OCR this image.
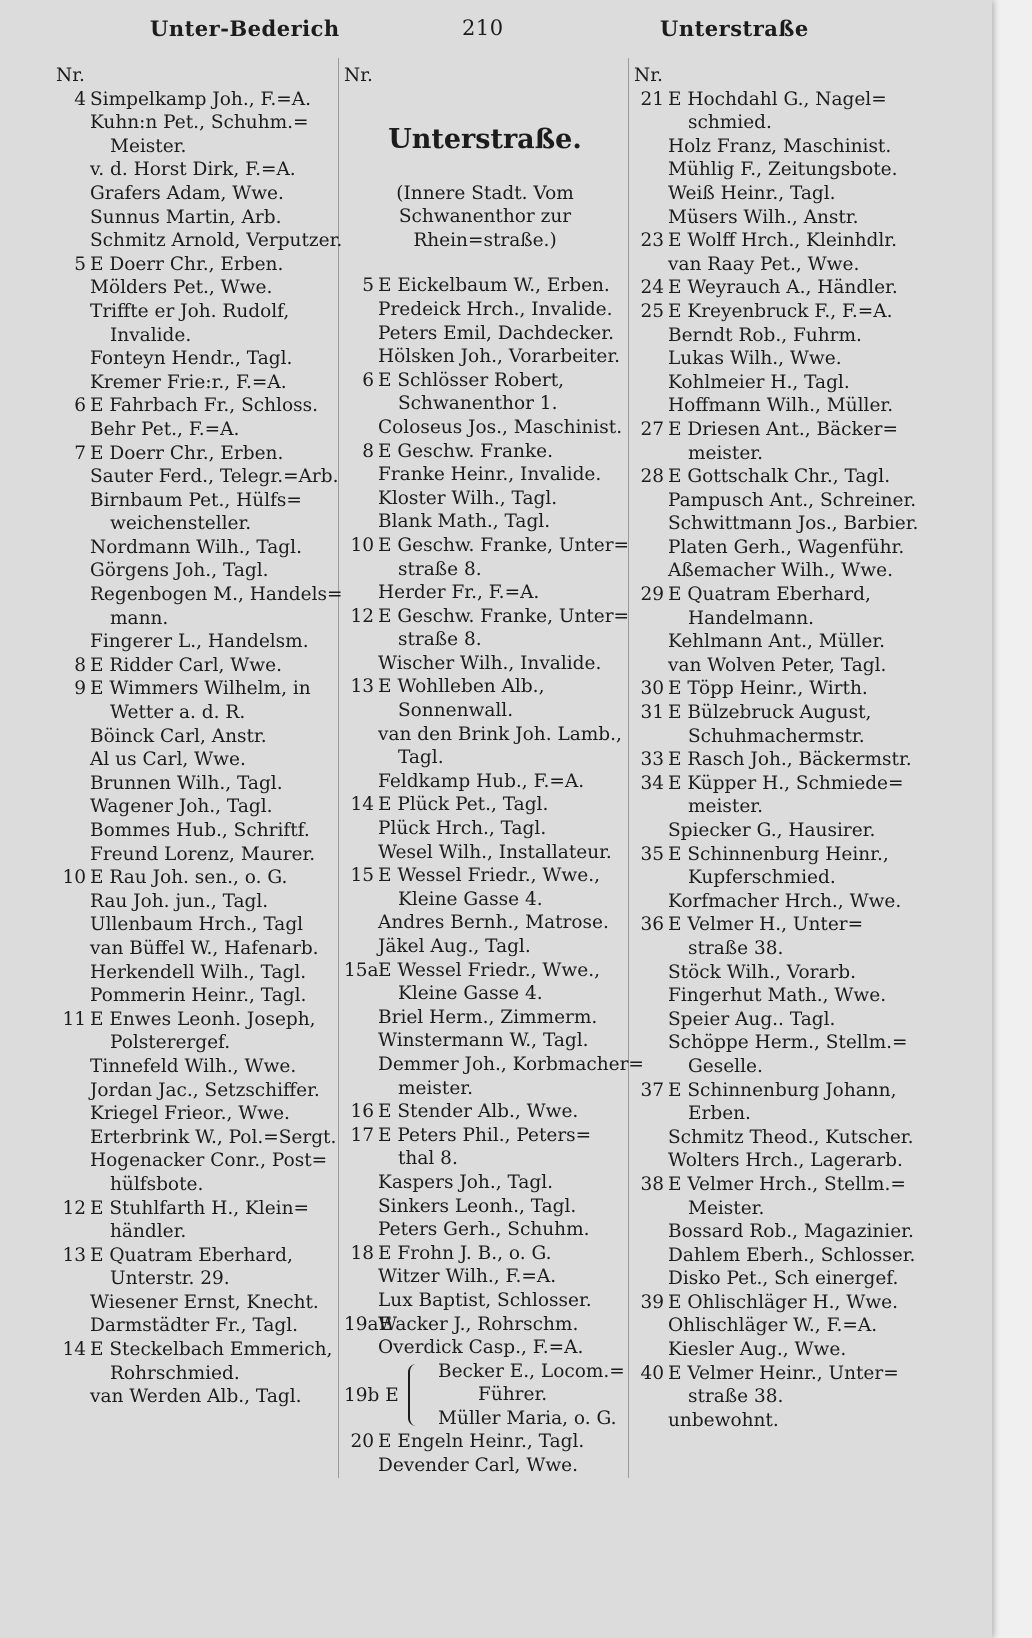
Unter-Bederich	210	Unterstraße
Nr.
4 Simpelkamp Joh., F.=A.
Kuhn:n Pet., Schuhm.=
Meister.
v. d. Horst Dirk, F.=A.
Grafers Adam, Wwe.
Sunnus Martin, Arb.
Schmitz Arnold, Verputzer.
5 E Doerr Chr., Erben.
Mölders Pet., Wwe.
Triffte er Joh. Rudolf,
Invalide.
Fonteyn Hendr., Tagl.
Kremer Frie:r., F.=A.
6 E Fahrbach Fr., Schloss.
Behr Pet., F.=A.
7 E Doerr Chr., Erben.
Sauter Ferd., Telegr.=Arb.
Birnbaum Pet., Hülfs=
weichensteller.
Nordmann Wilh., Tagl.
Görgens Joh., Tagl.
Regenbogen M., Handels=
mann.
Fingerer L., Handelsm.
8 E Ridder Carl, Wwe.
9 E Wimmers Wilhelm, in
Wetter a. d. R.
Böinck Carl, Anstr.
Al us Carl, Wwe.
Brunnen Wilh., Tagl.
Wagener Joh., Tagl.
Bommes Hub., Schriftf.
Freund Lorenz, Maurer.
10 E Rau Joh. sen., o. G.
Rau Joh. jun., Tagl.
Ullenbaum Hrch., Tagl
van Büffel W., Hafenarb.
Herkendell Wilh., Tagl.
Pommerin Heinr., Tagl.
11 E Enwes Leonh. Joseph,
Polsterergef.
Tinnefeld Wilh., Wwe.
Jordan Jac., Setzschiffer.
Kriegel Frieor., Wwe.
Erterbrink W., Pol.=Sergt.
Hogenacker Conr., Post=
hülfsbote.
12 E Stuhlfarth H., Klein=
händler.
13 E Quatram Eberhard,
Unterstr. 29.
Wiesener Ernst, Knecht.
Darmstädter Fr., Tagl.
14 E Steckelbach Emmerich,
Rohrschmied.
van Werden Alb., Tagl.
Nr.
Unterstraße.
(Innere Stadt. Vom Schwanenthor zur Rhein=straße.)
5 E Eickelbaum W., Erben.
Predeick Hrch., Invalide.
Peters Emil, Dachdecker.
Hölsken Joh., Vorarbeiter.
6 E Schlösser Robert,
Schwanenthor 1.
Coloseus Jos., Maschinist.
8 E Geschw. Franke.
Franke Heinr., Invalide.
Kloster Wilh., Tagl.
Blank Math., Tagl.
10 E Geschw. Franke, Unter=
straße 8.
Herder Fr., F.=A.
12 E Geschw. Franke, Unter=
straße 8.
Wischer Wilh., Invalide.
13 E Wohlleben Alb.,
Sonnenwall.
van den Brink Joh. Lamb.,
Tagl.
Feldkamp Hub., F.=A.
14 E Plück Pet., Tagl.
Plück Hrch., Tagl.
Wesel Wilh., Installateur.
15 E Wessel Friedr., Wwe.,
Kleine Gasse 4.
Andres Bernh., Matrose.
Jäkel Aug., Tagl.
15aE Wessel Friedr., Wwe.,
Kleine Gasse 4.
Briel Herm., Zimmerm.
Winstermann W., Tagl.
Demmer Joh., Korbmacher=
meister.
16 E Stender Alb., Wwe.
17 E Peters Phil., Peters=
thal 8.
Kaspers Joh., Tagl.
Sinkers Leonh., Tagl.
Peters Gerh., Schuhm.
18 E Frohn J. B., o. G.
Witzer Wilh., F.=A.
Lux Baptist, Schlosser.
19aEWacker J., Rohrschm.
Overdick Casp., F.=A.
19b E
Becker E., Locom.=
Führer.
Müller Maria, o. G.
20 E Engeln Heinr., Tagl.
Devender Carl, Wwe.
Nr.
21 E Hochdahl G., Nagel=
schmied.
Holz Franz, Maschinist.
Mühlig F., Zeitungsbote.
Weiß Heinr., Tagl.
Müsers Wilh., Anstr.
23 E Wolff Hrch., Kleinhdlr.
van Raay Pet., Wwe.
24 E Weyrauch A., Händler.
25 E Kreyenbruck F., F.=A.
Berndt Rob., Fuhrm.
Lukas Wilh., Wwe.
Kohlmeier H., Tagl.
Hoffmann Wilh., Müller.
27 E Driesen Ant., Bäcker=
meister.
28 E Gottschalk Chr., Tagl.
Pampusch Ant., Schreiner.
Schwittmann Jos., Barbier.
Platen Gerh., Wagenführ.
Aßemacher Wilh., Wwe.
29 E Quatram Eberhard,
Handelmann.
Kehlmann Ant., Müller.
van Wolven Peter, Tagl.
30 E Töpp Heinr., Wirth.
31 E Bülzebruck August,
Schuhmachermstr.
33 E Rasch Joh., Bäckermstr.
34 E Küpper H., Schmiede=
meister.
Spiecker G., Hausirer.
35 E Schinnenburg Heinr.,
Kupferschmied.
Korfmacher Hrch., Wwe.
36 E Velmer H., Unter=
straße 38.
Stöck Wilh., Vorarb.
Fingerhut Math., Wwe.
Speier Aug.. Tagl.
Schöppe Herm., Stellm.=
Geselle.
37 E Schinnenburg Johann,
Erben.
Schmitz Theod., Kutscher.
Wolters Hrch., Lagerarb.
38 E Velmer Hrch., Stellm.=
Meister.
Bossard Rob., Magazinier.
Dahlem Eberh., Schlosser.
Disko Pet., Sch einergef.
39 E Ohlischläger H., Wwe.
Ohlischläger W., F.=A.
Kiesler Aug., Wwe.
40 E Velmer Heinr., Unter=
straße 38.
unbewohnt.
